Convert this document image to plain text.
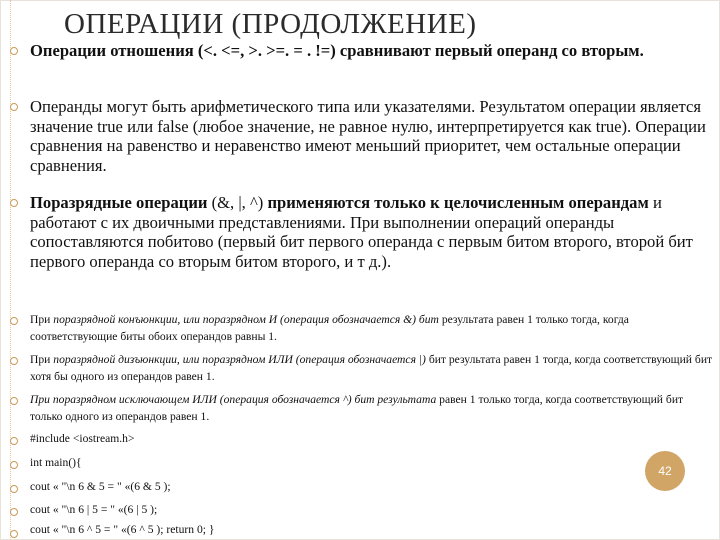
ОПЕРАЦИИ (ПРОДОЛЖЕНИЕ)
Операции отношения (<. <=, >. >=. = . !=) сравнивают первый операнд со вторым.
Операнды могут быть арифметического типа или указателями. Результатом операции является значение true или false (любое значение, не равное нулю, интерпретируется как true). Операции сравнения на равенство и неравенство имеют меньший приоритет, чем остальные операции сравнения.
Поразрядные операции (&, |, ^) применяются только к целочисленным операндам и работают с их двоичными представлениями. При выполнении операций операнды сопоставляются побитово (первый бит первого операнда с первым битом второго, второй бит первого операнда со вторым битом второго, и т д.).
При поразрядной конъюнкции, или поразрядном И (операция обозначается &) бит результата равен 1 только тогда, когда соответствующие биты обоих операндов равны 1.
При поразрядной дизъюнкции, или поразрядном ИЛИ (операция обозначается |) бит результата равен 1 тогда, когда соответствующий бит хотя бы одного из операндов равен 1.
При поразрядном исключающем ИЛИ (операция обозначается ^) бит результата равен 1 только тогда, когда соответствующий бит только одного из операндов равен 1.
#include <iostream.h>
int main(){
cout « "\n 6 & 5 = " «(6 & 5 );
cout « "\n 6 | 5 = " «(6 | 5 );
cout « "\n 6 ^ 5 = " «(6 ^ 5 ); return 0; }
42
